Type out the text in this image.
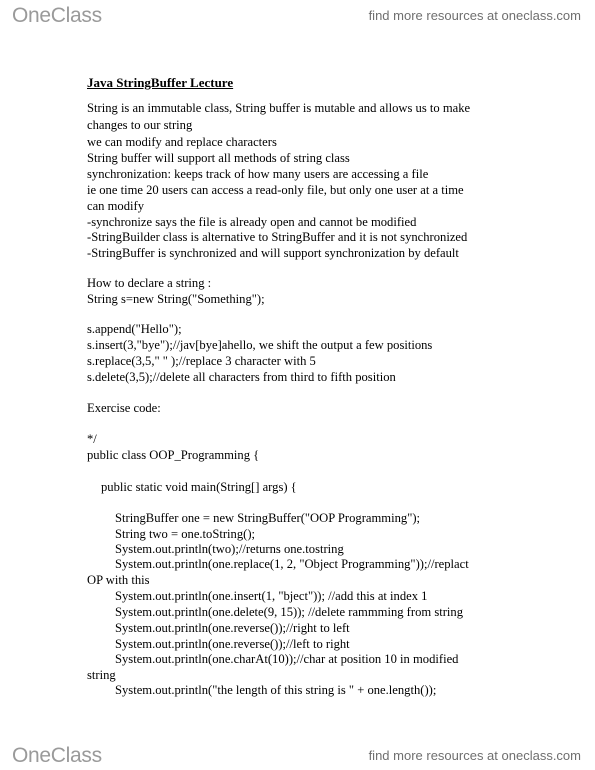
OneClass	find more resources at oneclass.com
Java StringBuffer Lecture
String is an immutable class, String buffer is mutable and allows us to make
changes to our string
we can modify and replace characters
String buffer will support all methods of string class
synchronization: keeps track of how many users are accessing a file
ie one time 20 users can access a read-only file, but only one user at a time
can modify
-synchronize says the file is already open and cannot be modified
-StringBuilder class is alternative to StringBuffer and it is not synchronized
-StringBuffer is synchronized and will support synchronization by default
How to declare a string :
String s=new String("Something");
s.append("Hello");
s.insert(3,"bye");//jav[bye]ahello, we shift the output a few positions
s.replace(3,5," " );//replace 3 character with 5
s.delete(3,5);//delete all characters from third to fifth position
Exercise code:
*/
public class OOP_Programming {
public static void main(String[] args) {
StringBuffer one = new StringBuffer("OOP Programming");
String two = one.toString();
System.out.println(two);//returns one.tostring
System.out.println(one.replace(1, 2, "Object Programming"));//replact
OP with this
System.out.println(one.insert(1, "bject")); //add this at index 1
System.out.println(one.delete(9, 15)); //delete rammming from string
System.out.println(one.reverse());//right to left
System.out.println(one.reverse());//left to right
System.out.println(one.charAt(10));//char at position 10 in modified
string
System.out.println("the length of this string is " + one.length());
OneClass	find more resources at oneclass.com
